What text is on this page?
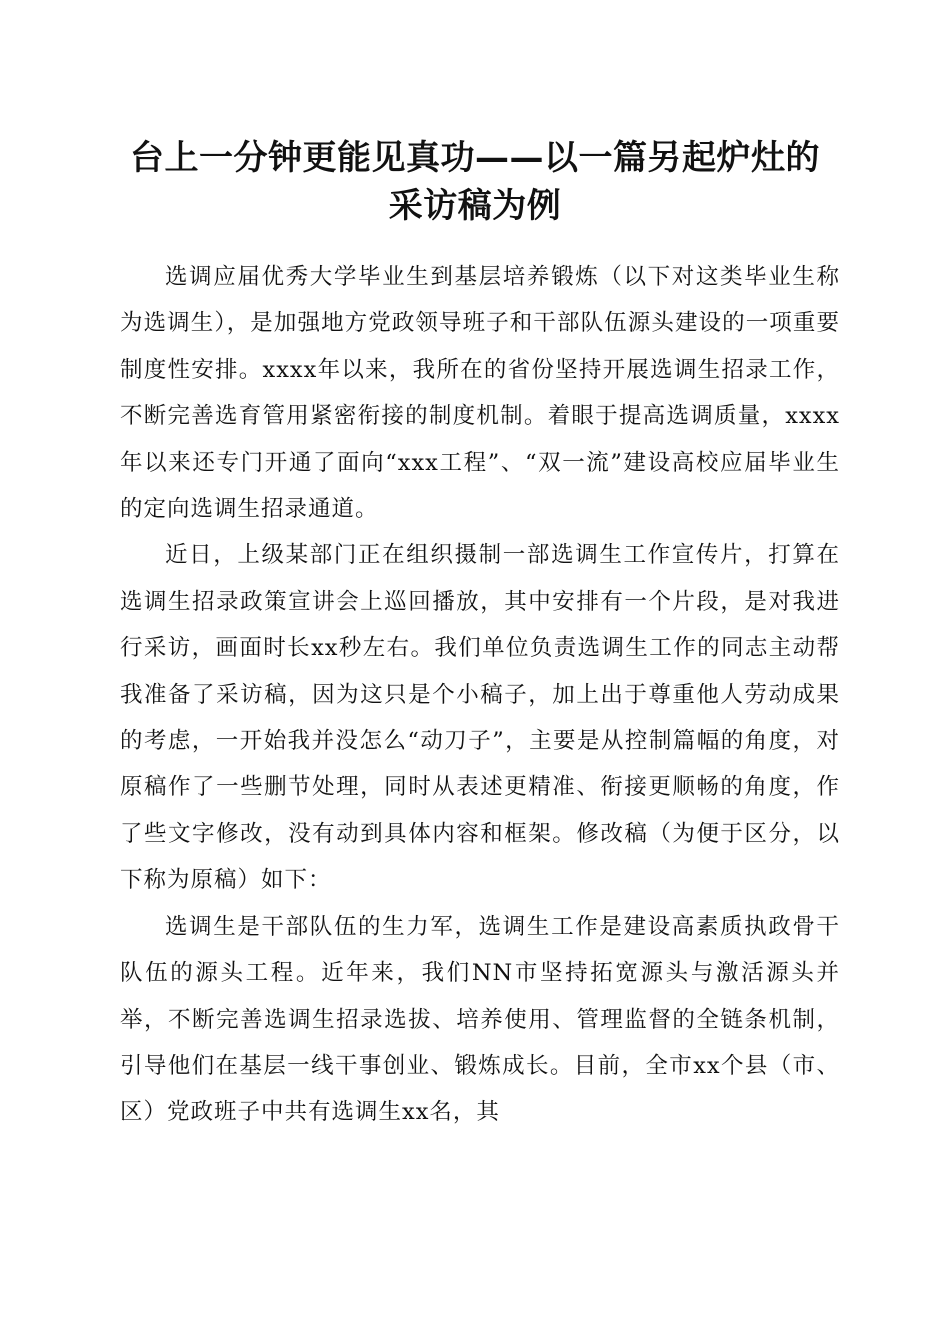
台上一分钟更能见真功——以一篇另起炉灶的
采访稿为例

选调应届优秀大学毕业生到基层培养锻炼（以下对这类毕业生称为选调生），是加强地方党政领导班子和干部队伍源头建设的一项重要制度性安排。xxxx年以来，我所在的省份坚持开展选调生招录工作，不断完善选育管用紧密衔接的制度机制。着眼于提高选调质量，xxxx年以来还专门开通了面向“xxx工程”、“双一流”建设高校应届毕业生的定向选调生招录通道。

近日，上级某部门正在组织摄制一部选调生工作宣传片，打算在选调生招录政策宣讲会上巡回播放，其中安排有一个片段，是对我进行采访，画面时长xx秒左右。我们单位负责选调生工作的同志主动帮我准备了采访稿，因为这只是个小稿子，加上出于尊重他人劳动成果的考虑，一开始我并没怎么“动刀子”，主要是从控制篇幅的角度，对原稿作了一些删节处理，同时从表述更精准、衔接更顺畅的角度，作了些文字修改，没有动到具体内容和框架。修改稿（为便于区分，以下称为原稿）如下：

选调生是干部队伍的生力军，选调生工作是建设高素质执政骨干队伍的源头工程。近年来，我们NN市坚持拓宽源头与激活源头并举，不断完善选调生招录选拔、培养使用、管理监督的全链条机制，引导他们在基层一线干事创业、锻炼成长。目前，全市xx个县（市、区）党政班子中共有选调生xx名，其
